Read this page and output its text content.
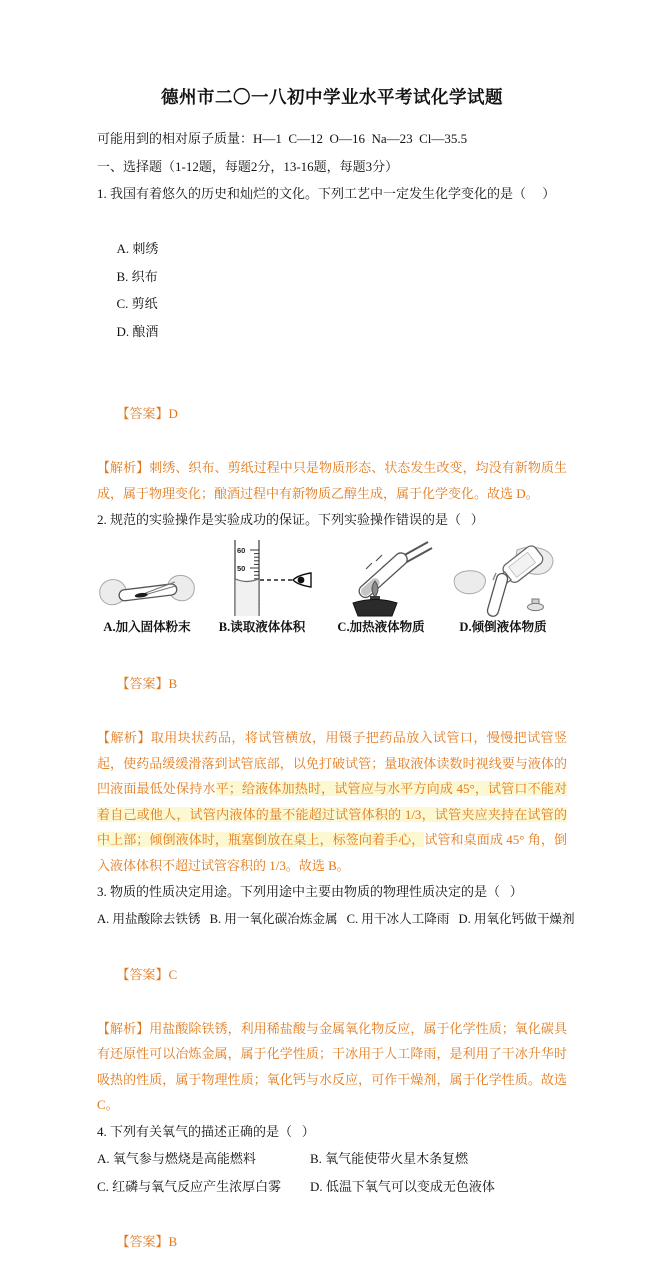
德州市二〇一八初中学业水平考试化学试题
可能用到的相对原子质量：H—1  C—12  O—16  Na—23  Cl—35.5
一、选择题（1-12题，每题2分，13-16题，每题3分）
1. 我国有着悠久的历史和灿烂的文化。下列工艺中一定发生化学变化的是（     ）

A. 刺绣
B. 织布
C. 剪纸
D. 酿酒

【答案】D

【解析】刺绣、织布、剪纸过程中只是物质形态、状态发生改变，均没有新物质生成，属于物理变化；酿酒过程中有新物质乙醇生成，属于化学变化。故选 D。

2. 规范的实验操作是实验成功的保证。下列实验操作错误的是（   ）
A.加入固体粉末
60
50
B.读取液体体积	C.加热液体物质	D.倾倒液体物质

【答案】B

【解析】取用块状药品，将试管横放，用镊子把药品放入试管口，慢慢把试管竖起，使药品缓缓滑落到试管底部，以免打破试管；量取液体读数时视线要与液体的凹液面最低处保持水平；给液体加热时，试管应与水平方向成 45°，试管口不能对着自己或他人，试管内液体的量不能超过试管体积的 1/3，试管夹应夹持在试管的中上部；倾倒液体时，瓶塞倒放在桌上，标签向着手心，试管和桌面成 45° 角，倒入液体体积不超过试管容积的 1/3。故选 B。

3. 物质的性质决定用途。下列用途中主要由物质的物理性质决定的是（   ）
A. 用盐酸除去铁锈 B. 用一氧化碳冶炼金属 C. 用干冰人工降雨 D. 用氧化钙做干燥剂

【答案】C

【解析】用盐酸除铁锈，利用稀盐酸与金属氧化物反应，属于化学性质；氧化碳具有还原性可以冶炼金属，属于化学性质；干冰用于人工降雨，是利用了干冰升华时吸热的性质，属于物理性质；氧化钙与水反应，可作干燥剂，属于化学性质。故选 C。

4. 下列有关氧气的描述正确的是（   ）
A. 氧气参与燃烧是高能燃料	B. 氧气能使带火星木条复燃
C. 红磷与氧气反应产生浓厚白雾	D. 低温下氧气可以变成无色液体

【答案】B
